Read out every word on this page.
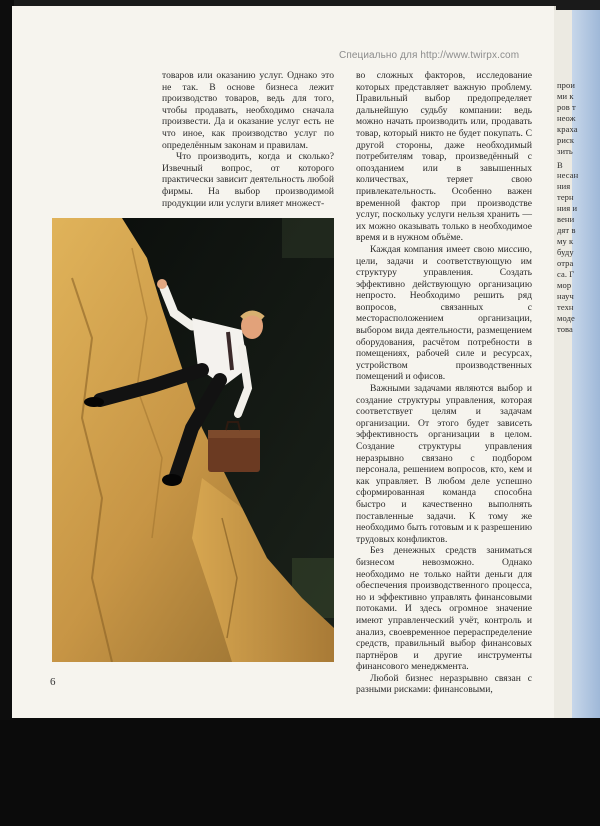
прои
ми к
ров т
неож
краха
риск
зить
В
несан
ния
терн
ния и
вени
дят в
му к
буду
отра
са. Г
мор
науч
техн
моде
това
Специально для http://www.twirpx.com

товаров или оказанию услуг. Однако это не так. В основе бизнеса лежит производство товаров, ведь для того, чтобы продавать, необходимо сначала произвести. Да и оказание услуг есть не что иное, как производство услуг по определённым законам и правилам.

Что производить, когда и сколько? Извечный вопрос, от которого практически зависит деятельность любой фирмы. На выбор производимой продукции или услуги влияет множест-

во сложных факторов, исследование которых представляет важную проблему. Правильный выбор предопределяет дальнейшую судьбу компании: ведь можно начать производить или, продавать товар, который никто не будет покупать. С другой стороны, даже необходимый потребителям товар, произведённый с опозданием или в завышенных количествах, теряет свою привлекательность. Особенно важен временной фактор при производстве услуг, поскольку услуги нельзя хранить — их можно оказывать только в необходимое время и в нужном объёме.

Каждая компания имеет свою миссию, цели, задачи и соответствующую им структуру управления. Создать эффективно действующую организацию непросто. Необходимо решить ряд вопросов, связанных с месторасположением организации, выбором вида деятельности, размещением оборудования, расчётом потребности в помещениях, рабочей силе и ресурсах, устройством производственных помещений и офисов.

Важными задачами являются выбор и создание структуры управления, которая соответствует целям и задачам организации. От этого будет зависеть эффективность организации в целом. Создание структуры управления неразрывно связано с подбором персонала, решением вопросов, кто, кем и как управляет. В любом деле успешно сформированная команда способна быстро и качественно выполнять поставленные задачи. К тому же необходимо быть готовым и к разрешению трудовых конфликтов.

Без денежных средств заниматься бизнесом невозможно. Однако необходимо не только найти деньги для обеспечения производственного процесса, но и эффективно управлять финансовыми потоками. И здесь огромное значение имеют управленческий учёт, контроль и анализ, своевременное перераспределение средств, правильный выбор финансовых партнёров и другие инструменты финансового менеджмента.

Любой бизнес неразрывно связан с разными рисками: финансовыми,

6
